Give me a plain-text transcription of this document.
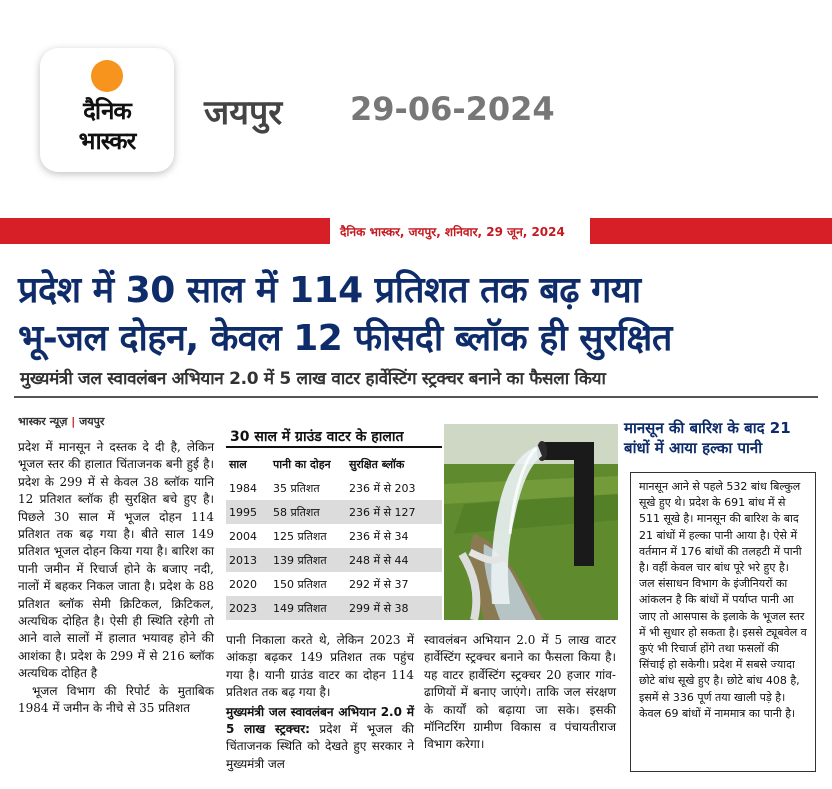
दैनिक
भास्कर
जयपुर 29-06-2024
दैनिक भास्कर, जयपुर, शनिवार, 29 जून, 2024
प्रदेश में 30 साल में 114 प्रतिशत तक बढ़ गया
भू-जल दोहन, केवल 12 फीसदी ब्लॉक ही सुरक्षित
मुख्यमंत्री जल स्वावलंबन अभियान 2.0 में 5 लाख वाटर हार्वेस्टिंग स्ट्रक्चर बनाने का फैसला किया
भास्कर न्यूज़ | जयपुर

प्रदेश में मानसून ने दस्तक दे दी है, लेकिन भूजल स्तर की हालात चिंताजनक बनी हुई है। प्रदेश के 299 में से केवल 38 ब्लॉक यानि 12 प्रतिशत ब्लॉक ही सुरक्षित बचे हुए है। पिछले 30 साल में भूजल दोहन 114 प्रतिशत तक बढ़ गया है। बीते साल 149 प्रतिशत भूजल दोहन किया गया है। बारिश का पानी जमीन में रिचार्ज होने के बजाए नदी, नालों में बहकर निकल जाता है। प्रदेश के 88 प्रतिशत ब्लॉक सेमी क्रिटिकल, क्रिटिकल, अत्यधिक दोहित है। ऐसी ही स्थिति रहेगी तो आने वाले सालों में हालात भयावह होने की आशंका है। प्रदेश के 299 में से 216 ब्लॉक अत्यधिक दोहित है

भूजल विभाग की रिपोर्ट के मुताबिक 1984 में जमीन के नीचे से 35 प्रतिशत

30 साल में ग्राउंड वाटर के हालात
साल	पानी का दोहन	सुरक्षित ब्लॉक
1984	35 प्रतिशत	236 में से 203
1995	58 प्रतिशत	236 में से 127
2004	125 प्रतिशत	236 में से 34
2013	139 प्रतिशत	248 में से 44
2020	150 प्रतिशत	292 में से 37
2023	149 प्रतिशत	299 में से 38

पानी निकाला करते थे, लेकिन 2023 में आंकड़ा बढ़कर 149 प्रतिशत तक पहुंच गया है। यानी ग्राउंड वाटर का दोहन 114 प्रतिशत तक बढ़ गया है।

मुख्यमंत्री जल स्वावलंबन अभियान 2.0 में 5 लाख स्ट्रक्चर: प्रदेश में भूजल की चिंताजनक स्थिति को देखते हुए सरकार ने मुख्यमंत्री जल

स्वावलंबन अभियान 2.0 में 5 लाख वाटर हार्वेस्टिंग स्ट्रक्चर बनाने का फैसला किया है। यह वाटर हार्वेस्टिंग स्ट्रक्चर 20 हजार गांव-ढाणियों में बनाए जाएंगे। ताकि जल संरक्षण के कार्यों को बढ़ाया जा सके। इसकी मॉनिटरिंग ग्रामीण विकास व पंचायतीराज विभाग करेगा।

मानसून की बारिश के बाद 21 बांधों में आया हल्का पानी

मानसून आने से पहले 532 बांध बिल्कुल सूखे हुए थे। प्रदेश के 691 बांध में से 511 सूखे है। मानसून की बारिश के बाद 21 बांधों में हल्का पानी आया है। ऐसे में वर्तमान में 176 बांधों की तलहटी में पानी है। वहीं केवल चार बांध पूरे भरे हुए है। जल संसाधन विभाग के इंजीनियरों का आंकलन है कि बांधों में पर्याप्त पानी आ जाए तो आसपास के इलाके के भूजल स्तर में भी सुधार हो सकता है। इससे ट्यूबवेल व कुएं भी रिचार्ज होंगे तथा फसलों की सिंचाई हो सकेगी। प्रदेश में सबसे ज्यादा छोटे बांध सूखे हुए है। छोटे बांध 408 है, इसमें से 336 पूर्ण तया खाली पड़े है। केवल 69 बांधों में नाममात्र का पानी है।
